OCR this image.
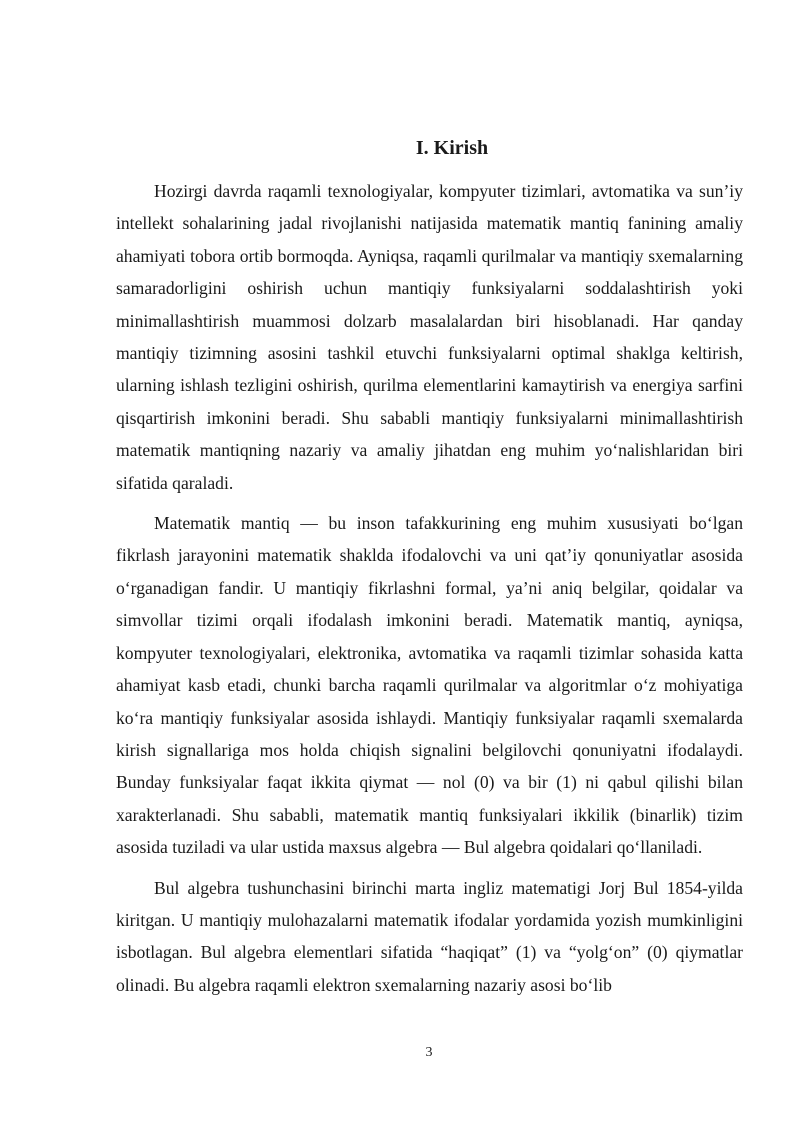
I. Kirish

Hozirgi davrda raqamli texnologiyalar, kompyuter tizimlari, avtomatika va sun’iy intellekt sohalarining jadal rivojlanishi natijasida matematik mantiq fanining amaliy ahamiyati tobora ortib bormoqda. Ayniqsa, raqamli qurilmalar va mantiqiy sxemalarning samaradorligini oshirish uchun mantiqiy funksiyalarni soddalashtirish yoki minimallashtirish muammosi dolzarb masalalardan biri hisoblanadi. Har qanday mantiqiy tizimning asosini tashkil etuvchi funksiyalarni optimal shaklga keltirish, ularning ishlash tezligini oshirish, qurilma elementlarini kamaytirish va energiya sarfini qisqartirish imkonini beradi. Shu sababli mantiqiy funksiyalarni minimallashtirish matematik mantiqning nazariy va amaliy jihatdan eng muhim yo‘nalishlaridan biri sifatida qaraladi.

Matematik mantiq — bu inson tafakkurining eng muhim xususiyati bo‘lgan fikrlash jarayonini matematik shaklda ifodalovchi va uni qat’iy qonuniyatlar asosida o‘rganadigan fandir. U mantiqiy fikrlashni formal, ya’ni aniq belgilar, qoidalar va simvollar tizimi orqali ifodalash imkonini beradi. Matematik mantiq, ayniqsa, kompyuter texnologiyalari, elektronika, avtomatika va raqamli tizimlar sohasida katta ahamiyat kasb etadi, chunki barcha raqamli qurilmalar va algoritmlar o‘z mohiyatiga ko‘ra mantiqiy funksiyalar asosida ishlaydi. Mantiqiy funksiyalar raqamli sxemalarda kirish signallariga mos holda chiqish signalini belgilovchi qonuniyatni ifodalaydi. Bunday funksiyalar faqat ikkita qiymat — nol (0) va bir (1) ni qabul qilishi bilan xarakterlanadi. Shu sababli, matematik mantiq funksiyalari ikkilik (binarlik) tizim asosida tuziladi va ular ustida maxsus algebra — Bul algebra qoidalari qo‘llaniladi.

Bul algebra tushunchasini birinchi marta ingliz matematigi Jorj Bul 1854-yilda kiritgan. U mantiqiy mulohazalarni matematik ifodalar yordamida yozish mumkinligini isbotlagan. Bul algebra elementlari sifatida “haqiqat” (1) va “yolg‘on” (0) qiymatlar olinadi. Bu algebra raqamli elektron sxemalarning nazariy asosi bo‘lib

3
